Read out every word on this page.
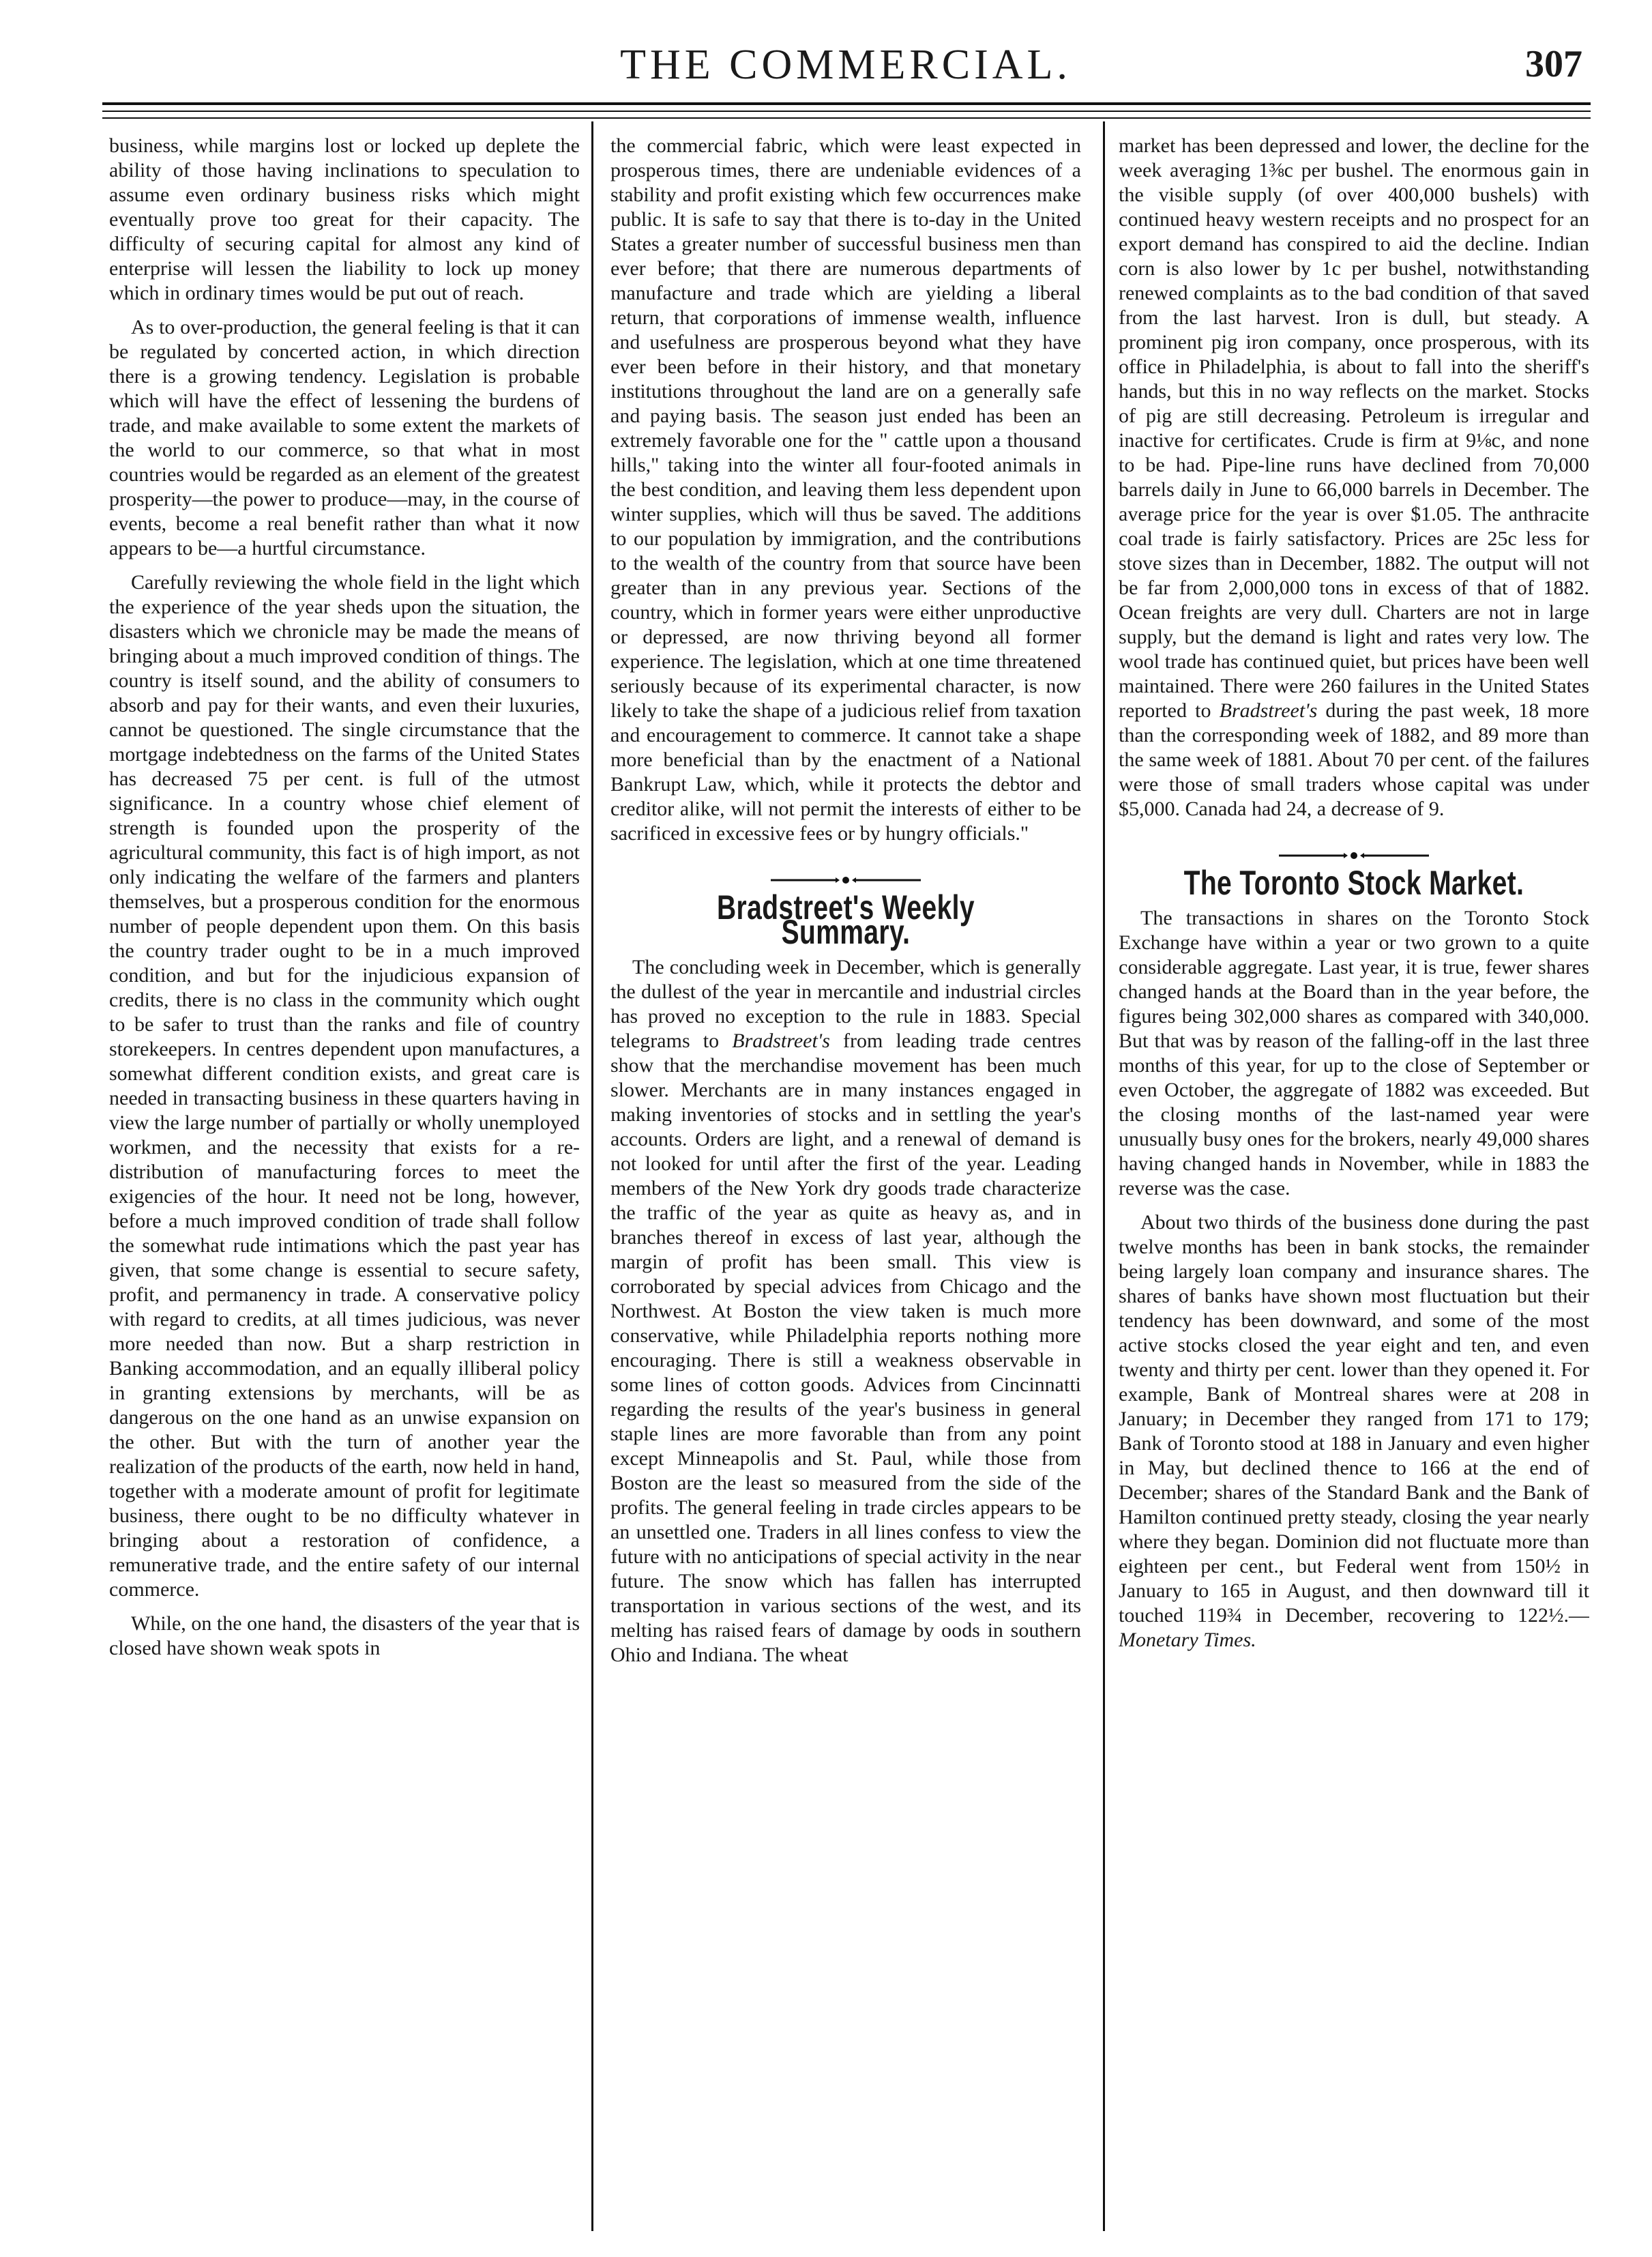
THE COMMERCIAL.	307

business, while margins lost or locked up deplete the ability of those having inclinations to speculation to assume even ordinary business risks which might eventually prove too great for their capacity. The difficulty of securing capital for almost any kind of enterprise will lessen the liability to lock up money which in ordinary times would be put out of reach.

As to over-production, the general feeling is that it can be regulated by concerted action, in which direction there is a growing tendency. Legislation is probable which will have the effect of lessening the burdens of trade, and make available to some extent the markets of the world to our commerce, so that what in most countries would be regarded as an element of the greatest prosperity—the power to produce—may, in the course of events, become a real benefit rather than what it now appears to be—a hurtful circumstance.

Carefully reviewing the whole field in the light which the experience of the year sheds upon the situation, the disasters which we chronicle may be made the means of bringing about a much improved condition of things. The country is itself sound, and the ability of consumers to absorb and pay for their wants, and even their luxuries, cannot be questioned. The single circumstance that the mortgage indebtedness on the farms of the United States has decreased 75 per cent. is full of the utmost significance. In a country whose chief element of strength is founded upon the prosperity of the agricultural community, this fact is of high import, as not only indicating the welfare of the farmers and planters themselves, but a prosperous condition for the enormous number of people dependent upon them. On this basis the country trader ought to be in a much improved condition, and but for the injudicious expansion of credits, there is no class in the community which ought to be safer to trust than the ranks and file of country storekeepers. In centres dependent upon manufactures, a somewhat different condition exists, and great care is needed in transacting business in these quarters having in view the large number of partially or wholly unemployed workmen, and the necessity that exists for a re-distribution of manufacturing forces to meet the exigencies of the hour. It need not be long, however, before a much improved condition of trade shall follow the somewhat rude intimations which the past year has given, that some change is essential to secure safety, profit, and permanency in trade. A conservative policy with regard to credits, at all times judicious, was never more needed than now. But a sharp restriction in Banking accommodation, and an equally illiberal policy in granting extensions by merchants, will be as dangerous on the one hand as an unwise expansion on the other. But with the turn of another year the realization of the products of the earth, now held in hand, together with a moderate amount of profit for legitimate business, there ought to be no difficulty whatever in bringing about a restoration of confidence, a remunerative trade, and the entire safety of our internal commerce.

While, on the one hand, the disasters of the year that is closed have shown weak spots in

the commercial fabric, which were least expected in prosperous times, there are undeniable evidences of a stability and profit existing which few occurrences make public. It is safe to say that there is to-day in the United States a greater number of successful business men than ever before; that there are numerous departments of manufacture and trade which are yielding a liberal return, that corporations of immense wealth, influence and usefulness are prosperous beyond what they have ever been before in their history, and that monetary institutions throughout the land are on a generally safe and paying basis. The season just ended has been an extremely favorable one for the " cattle upon a thousand hills," taking into the winter all four-footed animals in the best condition, and leaving them less dependent upon winter supplies, which will thus be saved. The additions to our population by immigration, and the contributions to the wealth of the country from that source have been greater than in any previous year. Sections of the country, which in former years were either unproductive or depressed, are now thriving beyond all former experience. The legislation, which at one time threatened seriously because of its experimental character, is now likely to take the shape of a judicious relief from taxation and encouragement to commerce. It cannot take a shape more beneficial than by the enactment of a National Bankrupt Law, which, while it protects the debtor and creditor alike, will not permit the interests of either to be sacrificed in excessive fees or by hungry officials."

Bradstreet's Weekly Summary.

The concluding week in December, which is generally the dullest of the year in mercantile and industrial circles has proved no exception to the rule in 1883. Special telegrams to Bradstreet's from leading trade centres show that the merchandise movement has been much slower. Merchants are in many instances engaged in making inventories of stocks and in settling the year's accounts. Orders are light, and a renewal of demand is not looked for until after the first of the year. Leading members of the New York dry goods trade characterize the traffic of the year as quite as heavy as, and in branches thereof in excess of last year, although the margin of profit has been small. This view is corroborated by special advices from Chicago and the Northwest. At Boston the view taken is much more conservative, while Philadelphia reports nothing more encouraging. There is still a weakness observable in some lines of cotton goods. Advices from Cincinnatti regarding the results of the year's business in general staple lines are more favorable than from any point except Minneapolis and St. Paul, while those from Boston are the least so measured from the side of the profits. The general feeling in trade circles appears to be an unsettled one. Traders in all lines confess to view the future with no anticipations of special activity in the near future. The snow which has fallen has interrupted transportation in various sections of the west, and its melting has raised fears of damage by oods in southern Ohio and Indiana. The wheat

market has been depressed and lower, the decline for the week averaging 1⅜c per bushel. The enormous gain in the visible supply (of over 400,000 bushels) with continued heavy western receipts and no prospect for an export demand has conspired to aid the decline. Indian corn is also lower by 1c per bushel, notwithstanding renewed complaints as to the bad condition of that saved from the last harvest. Iron is dull, but steady. A prominent pig iron company, once prosperous, with its office in Philadelphia, is about to fall into the sheriff's hands, but this in no way reflects on the market. Stocks of pig are still decreasing. Petroleum is irregular and inactive for certificates. Crude is firm at 9⅛c, and none to be had. Pipe-line runs have declined from 70,000 barrels daily in June to 66,000 barrels in December. The average price for the year is over $1.05. The anthracite coal trade is fairly satisfactory. Prices are 25c less for stove sizes than in December, 1882. The output will not be far from 2,000,000 tons in excess of that of 1882. Ocean freights are very dull. Charters are not in large supply, but the demand is light and rates very low. The wool trade has continued quiet, but prices have been well maintained. There were 260 failures in the United States reported to Bradstreet's during the past week, 18 more than the corresponding week of 1882, and 89 more than the same week of 1881. About 70 per cent. of the failures were those of small traders whose capital was under $5,000. Canada had 24, a decrease of 9.

The Toronto Stock Market.

The transactions in shares on the Toronto Stock Exchange have within a year or two grown to a quite considerable aggregate. Last year, it is true, fewer shares changed hands at the Board than in the year before, the figures being 302,000 shares as compared with 340,000. But that was by reason of the falling-off in the last three months of this year, for up to the close of September or even October, the aggregate of 1882 was exceeded. But the closing months of the last-named year were unusually busy ones for the brokers, nearly 49,000 shares having changed hands in November, while in 1883 the reverse was the case.

About two thirds of the business done during the past twelve months has been in bank stocks, the remainder being largely loan company and insurance shares. The shares of banks have shown most fluctuation but their tendency has been downward, and some of the most active stocks closed the year eight and ten, and even twenty and thirty per cent. lower than they opened it. For example, Bank of Montreal shares were at 208 in January; in December they ranged from 171 to 179; Bank of Toronto stood at 188 in January and even higher in May, but declined thence to 166 at the end of December; shares of the Standard Bank and the Bank of Hamilton continued pretty steady, closing the year nearly where they began. Dominion did not fluctuate more than eighteen per cent., but Federal went from 150½ in January to 165 in August, and then downward till it touched 119¾ in December, recovering to 122½.—Monetary Times.
